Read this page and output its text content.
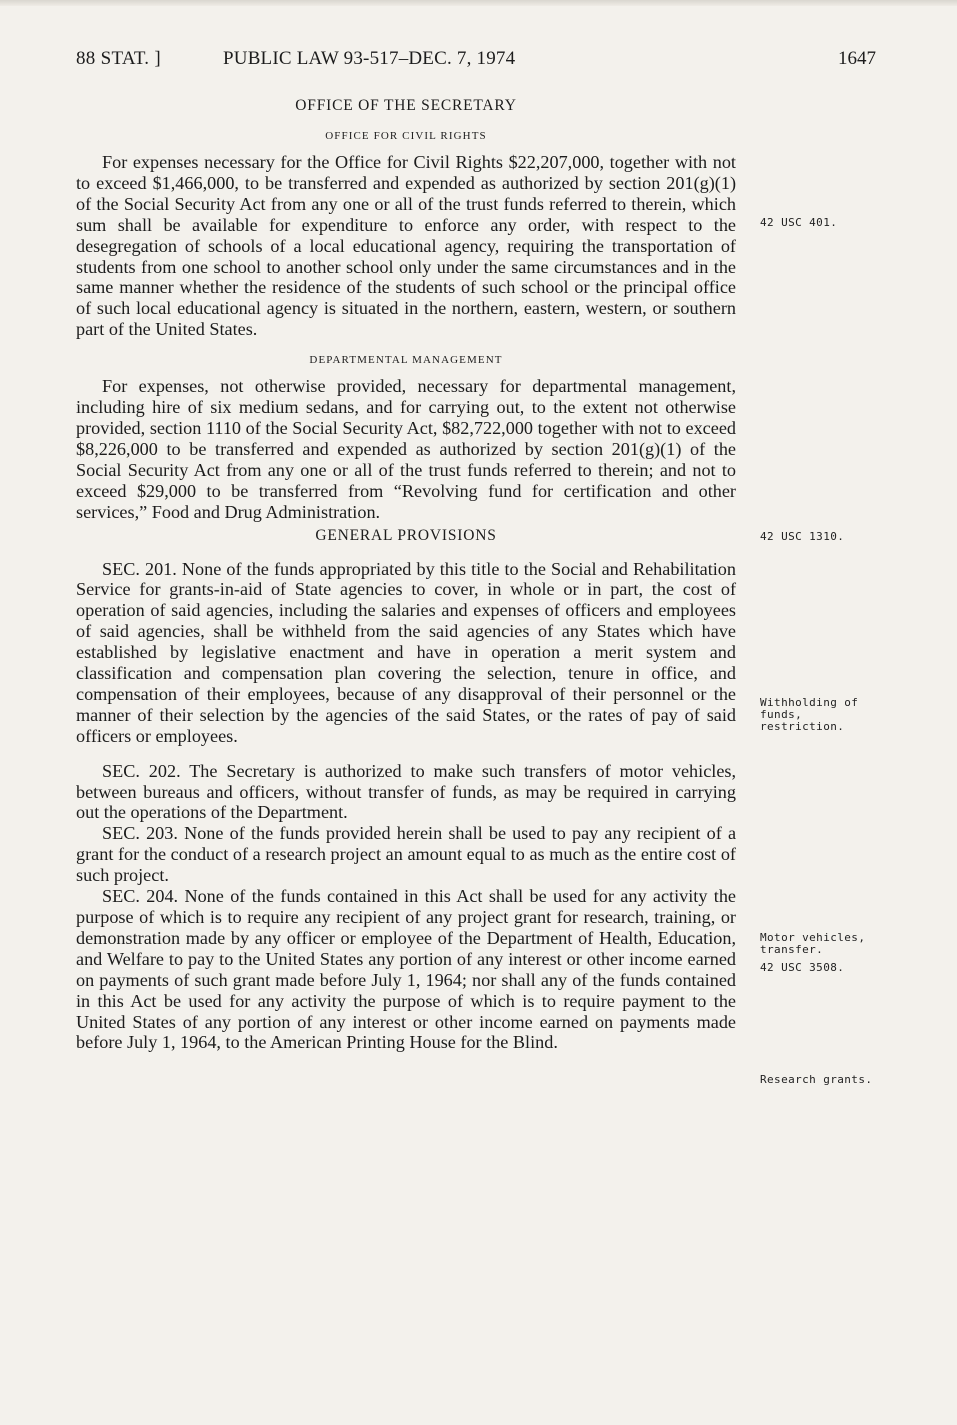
88 STAT. ]	PUBLIC LAW 93-517–DEC. 7, 1974	1647
OFFICE OF THE SECRETARY
OFFICE FOR CIVIL RIGHTS

For expenses necessary for the Office for Civil Rights $22,207,000, together with not to exceed $1,466,000, to be transferred and expended as authorized by section 201(g)(1) of the Social Security Act from any one or all of the trust funds referred to therein, which sum shall be available for expenditure to enforce any order, with respect to the desegregation of schools of a local educational agency, requiring the transportation of students from one school to another school only under the same circumstances and in the same manner whether the residence of the students of such school or the principal office of such local educational agency is situated in the northern, eastern, western, or southern part of the United States.

DEPARTMENTAL MANAGEMENT

For expenses, not otherwise provided, necessary for departmental management, including hire of six medium sedans, and for carrying out, to the extent not otherwise provided, section 1110 of the Social Security Act, $82,722,000 together with not to exceed $8,226,000 to be transferred and expended as authorized by section 201(g)(1) of the Social Security Act from any one or all of the trust funds referred to therein; and not to exceed $29,000 to be transferred from “Revolving fund for certification and other services,” Food and Drug Administration.

GENERAL PROVISIONS

SEC. 201. None of the funds appropriated by this title to the Social and Rehabilitation Service for grants-in-aid of State agencies to cover, in whole or in part, the cost of operation of said agencies, including the salaries and expenses of officers and employees of said agencies, shall be withheld from the said agencies of any States which have established by legislative enactment and have in operation a merit system and classification and compensation plan covering the selection, tenure in office, and compensation of their employees, because of any disapproval of their personnel or the manner of their selection by the agencies of the said States, or the rates of pay of said officers or employees.

SEC. 202. The Secretary is authorized to make such transfers of motor vehicles, between bureaus and officers, without transfer of funds, as may be required in carrying out the operations of the Department.

SEC. 203. None of the funds provided herein shall be used to pay any recipient of a grant for the conduct of a research project an amount equal to as much as the entire cost of such project.

SEC. 204. None of the funds contained in this Act shall be used for any activity the purpose of which is to require any recipient of any project grant for research, training, or demonstration made by any officer or employee of the Department of Health, Education, and Welfare to pay to the United States any portion of any interest or other income earned on payments of such grant made before July 1, 1964; nor shall any of the funds contained in this Act be used for any activity the purpose of which is to require payment to the United States of any portion of any interest or other income earned on payments made before July 1, 1964, to the American Printing House for the Blind.

42 USC 401.
42 USC 1310.
Withholding of funds, restriction.
Motor vehicles, transfer.
42 USC 3508.
Research grants.
